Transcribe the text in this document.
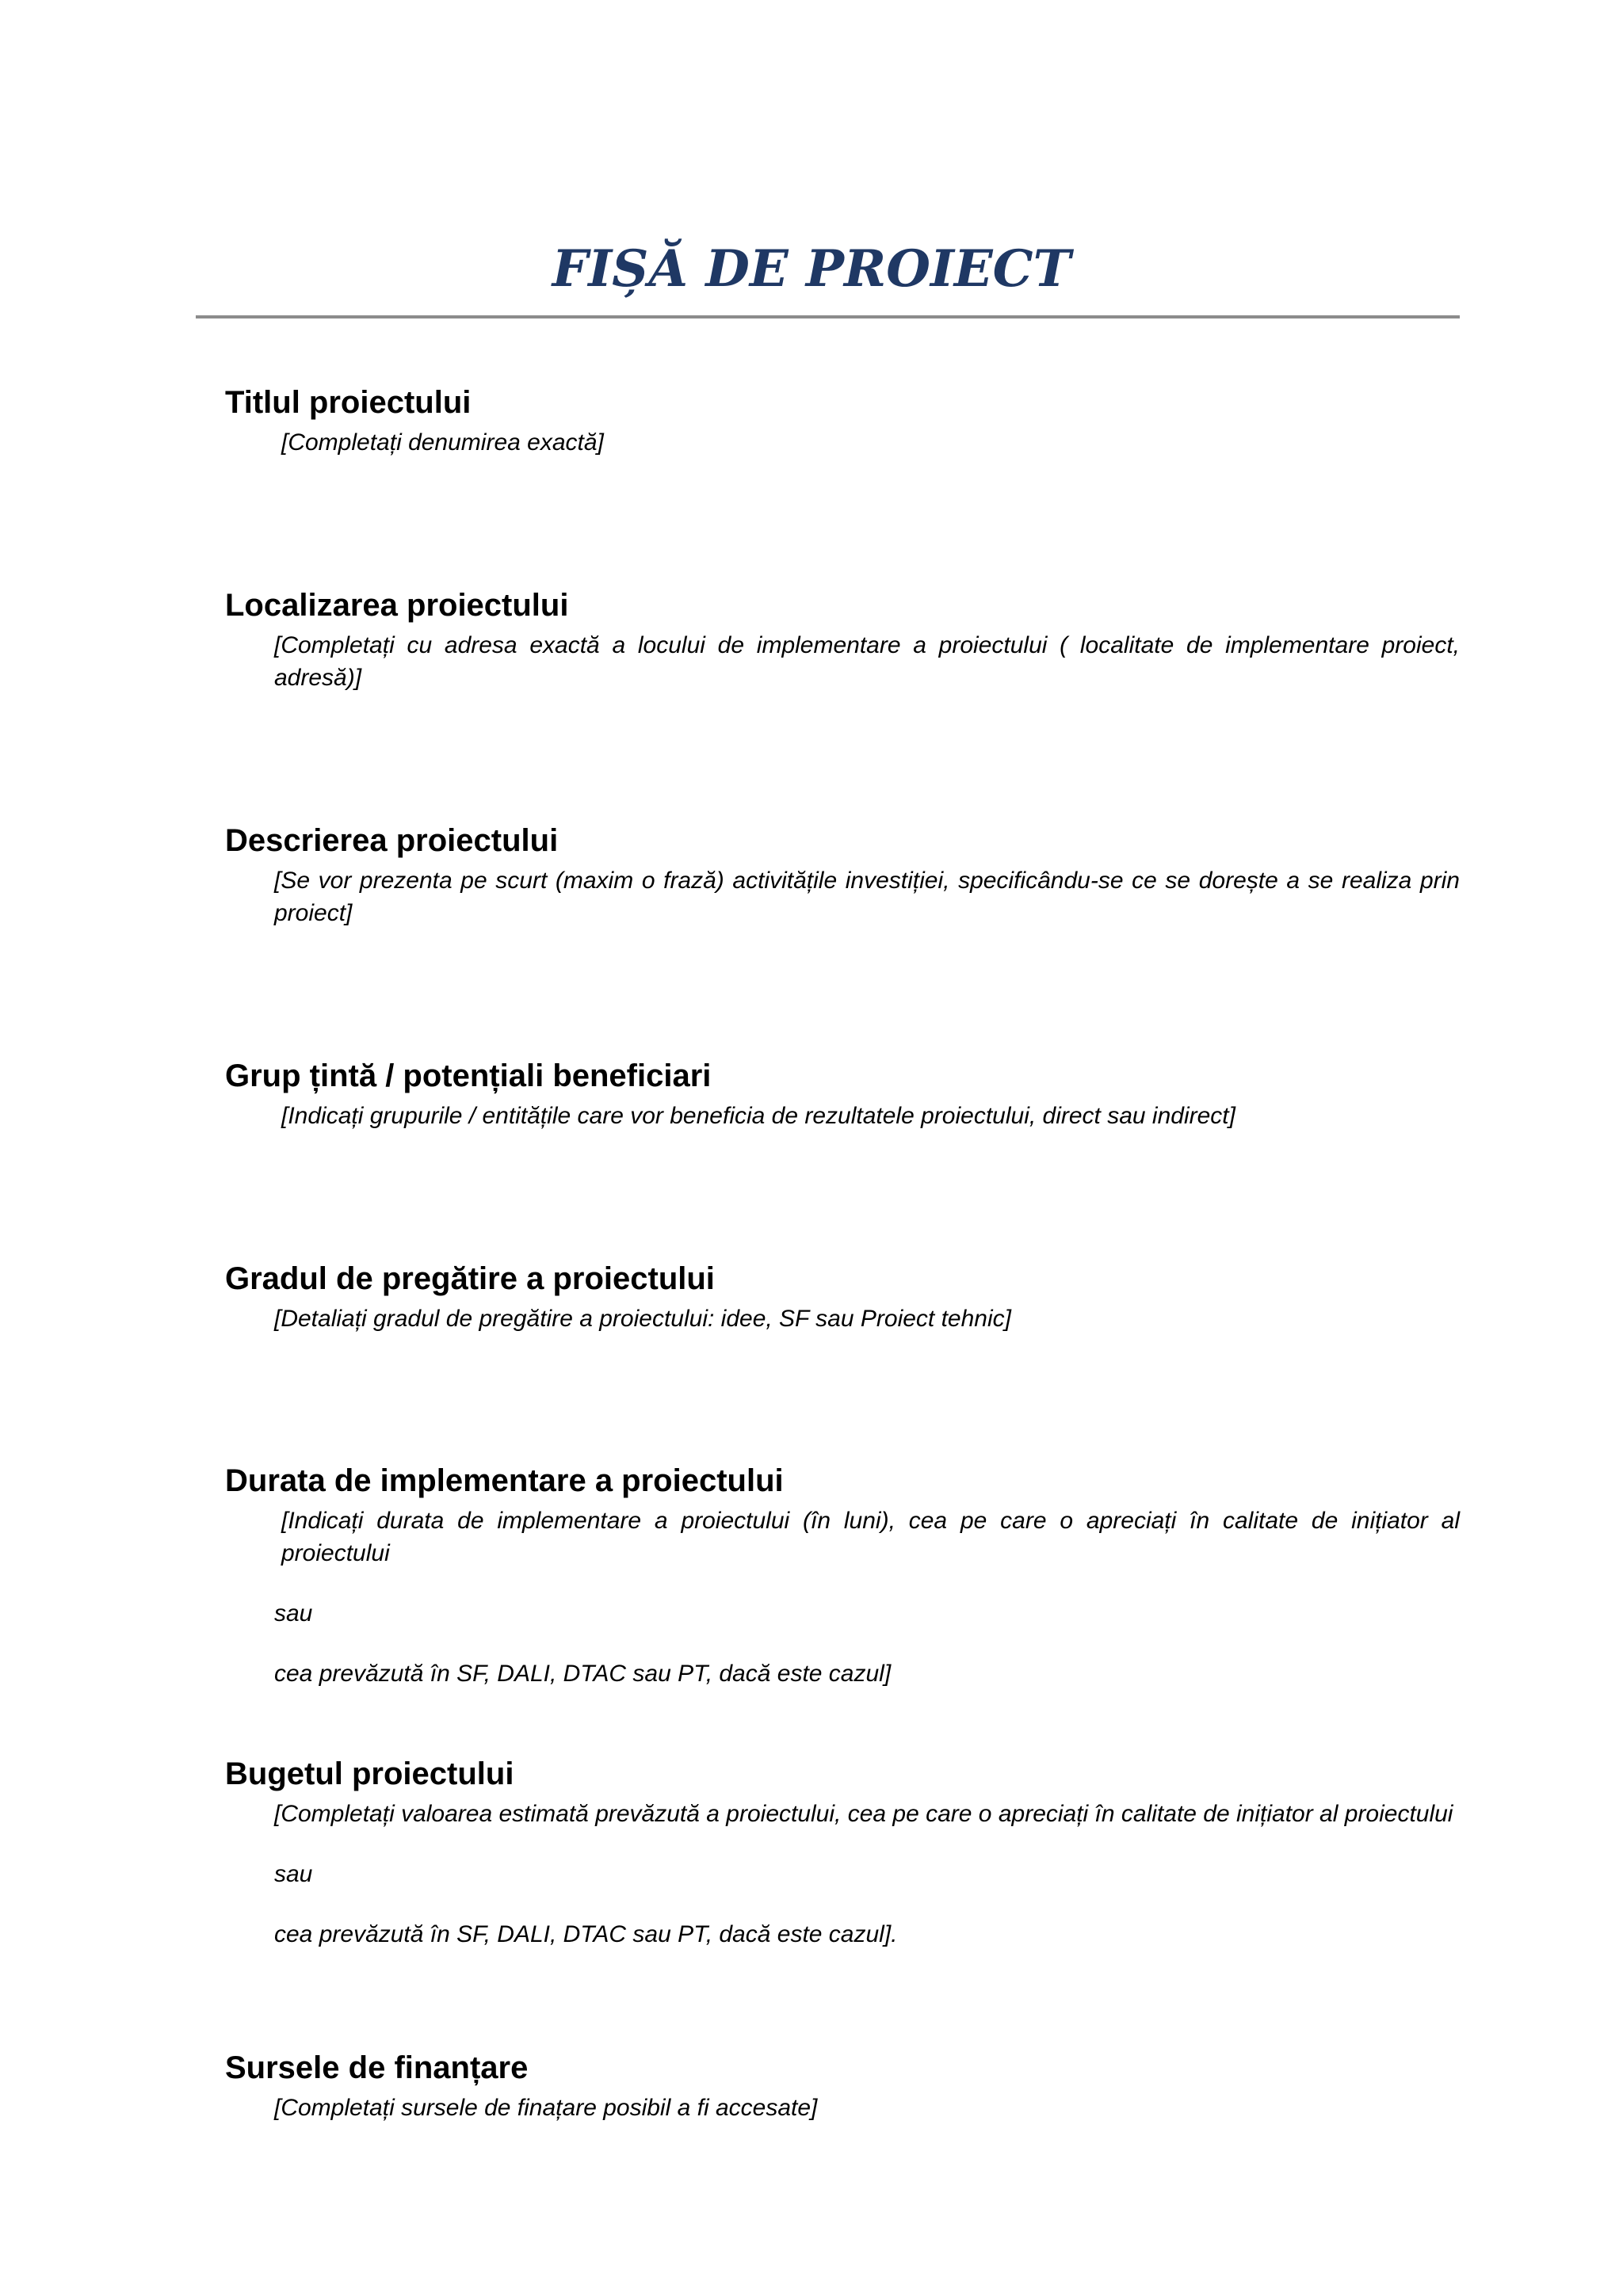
FIȘĂ DE PROIECT
Titlul proiectului

[Completați denumirea exactă]

Localizarea proiectului

[Completați cu adresa exactă a locului de implementare a proiectului ( localitate de implementare proiect, adresă)]

Descrierea proiectului

[Se vor prezenta pe scurt (maxim o frază) activitățile investiției, specificându-se ce se dorește a se realiza prin proiect]

Grup țintă / potențiali beneficiari

[Indicați grupurile / entitățile care vor beneficia de rezultatele proiectului, direct sau indirect]

Gradul de pregătire a proiectului

[Detaliați gradul de pregătire a proiectului: idee, SF sau Proiect tehnic]

Durata de implementare a proiectului

[Indicați durata de implementare a proiectului (în luni), cea pe care o apreciați în calitate de inițiator al proiectului

sau

cea prevăzută în SF, DALI, DTAC sau PT, dacă este cazul]

Bugetul proiectului

[Completați valoarea estimată prevăzută a proiectului, cea pe care o apreciați în calitate de inițiator al proiectului

sau

cea prevăzută în SF, DALI, DTAC sau PT, dacă este cazul].

Sursele de finanțare

[Completați sursele de finațare posibil a fi accesate]
